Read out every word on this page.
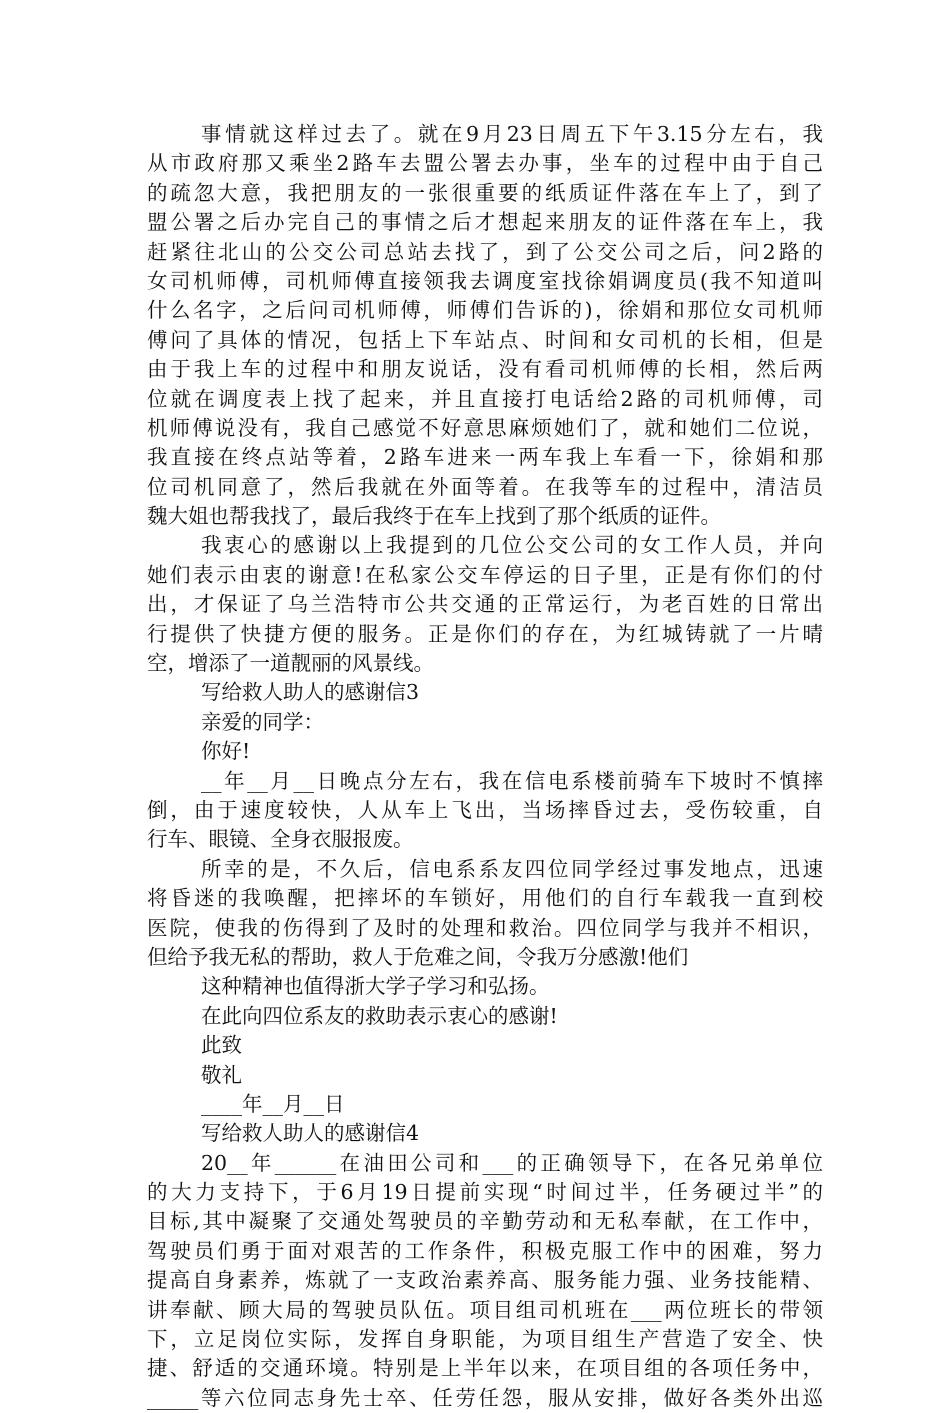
事情就这样过去了。就在9月23日周五下午3.15分左右，我
从市政府那又乘坐2路车去盟公署去办事，坐车的过程中由于自己
的疏忽大意，我把朋友的一张很重要的纸质证件落在车上了，到了
盟公署之后办完自己的事情之后才想起来朋友的证件落在车上，我
赶紧往北山的公交公司总站去找了，到了公交公司之后，问2路的
女司机师傅，司机师傅直接领我去调度室找徐娟调度员(我不知道叫
什么名字，之后问司机师傅，师傅们告诉的)，徐娟和那位女司机师
傅问了具体的情况，包括上下车站点、时间和女司机的长相，但是
由于我上车的过程中和朋友说话，没有看司机师傅的长相，然后两
位就在调度表上找了起来，并且直接打电话给2路的司机师傅，司
机师傅说没有，我自己感觉不好意思麻烦她们了，就和她们二位说，
我直接在终点站等着，2路车进来一两车我上车看一下，徐娟和那
位司机同意了，然后我就在外面等着。在我等车的过程中，清洁员
魏大姐也帮我找了，最后我终于在车上找到了那个纸质的证件。
我衷心的感谢以上我提到的几位公交公司的女工作人员，并向
她们表示由衷的谢意!在私家公交车停运的日子里，正是有你们的付
出，才保证了乌兰浩特市公共交通的正常运行，为老百姓的日常出
行提供了快捷方便的服务。正是你们的存在，为红城铸就了一片晴
空，增添了一道靓丽的风景线。
写给救人助人的感谢信3
亲爱的同学：
你好!
__年__月__日晚点分左右，我在信电系楼前骑车下坡时不慎摔
倒，由于速度较快，人从车上飞出，当场摔昏过去，受伤较重，自
行车、眼镜、全身衣服报废。
所幸的是，不久后，信电系系友四位同学经过事发地点，迅速
将昏迷的我唤醒，把摔坏的车锁好，用他们的自行车载我一直到校
医院，使我的伤得到了及时的处理和救治。四位同学与我并不相识，
但给予我无私的帮助，救人于危难之间，令我万分感激!他们
这种精神也值得浙大学子学习和弘扬。
在此向四位系友的救助表示衷心的感谢!
此致
敬礼
____年__月__日
写给救人助人的感谢信4
20__年______在油田公司和___的正确领导下，在各兄弟单位
的大力支持下，于6月19日提前实现“时间过半，任务硬过半”的
目标,其中凝聚了交通处驾驶员的辛勤劳动和无私奉献，在工作中，
驾驶员们勇于面对艰苦的工作条件，积极克服工作中的困难，努力
提高自身素养，炼就了一支政治素养高、服务能力强、业务技能精、
讲奉献、顾大局的驾驶员队伍。项目组司机班在___两位班长的带领
下，立足岗位实际，发挥自身职能，为项目组生产营造了安全、快
捷、舒适的交通环境。特别是上半年以来，在项目组的各项任务中，
_____等六位同志身先士卒、任劳任怨，服从安排，做好各类外出巡
